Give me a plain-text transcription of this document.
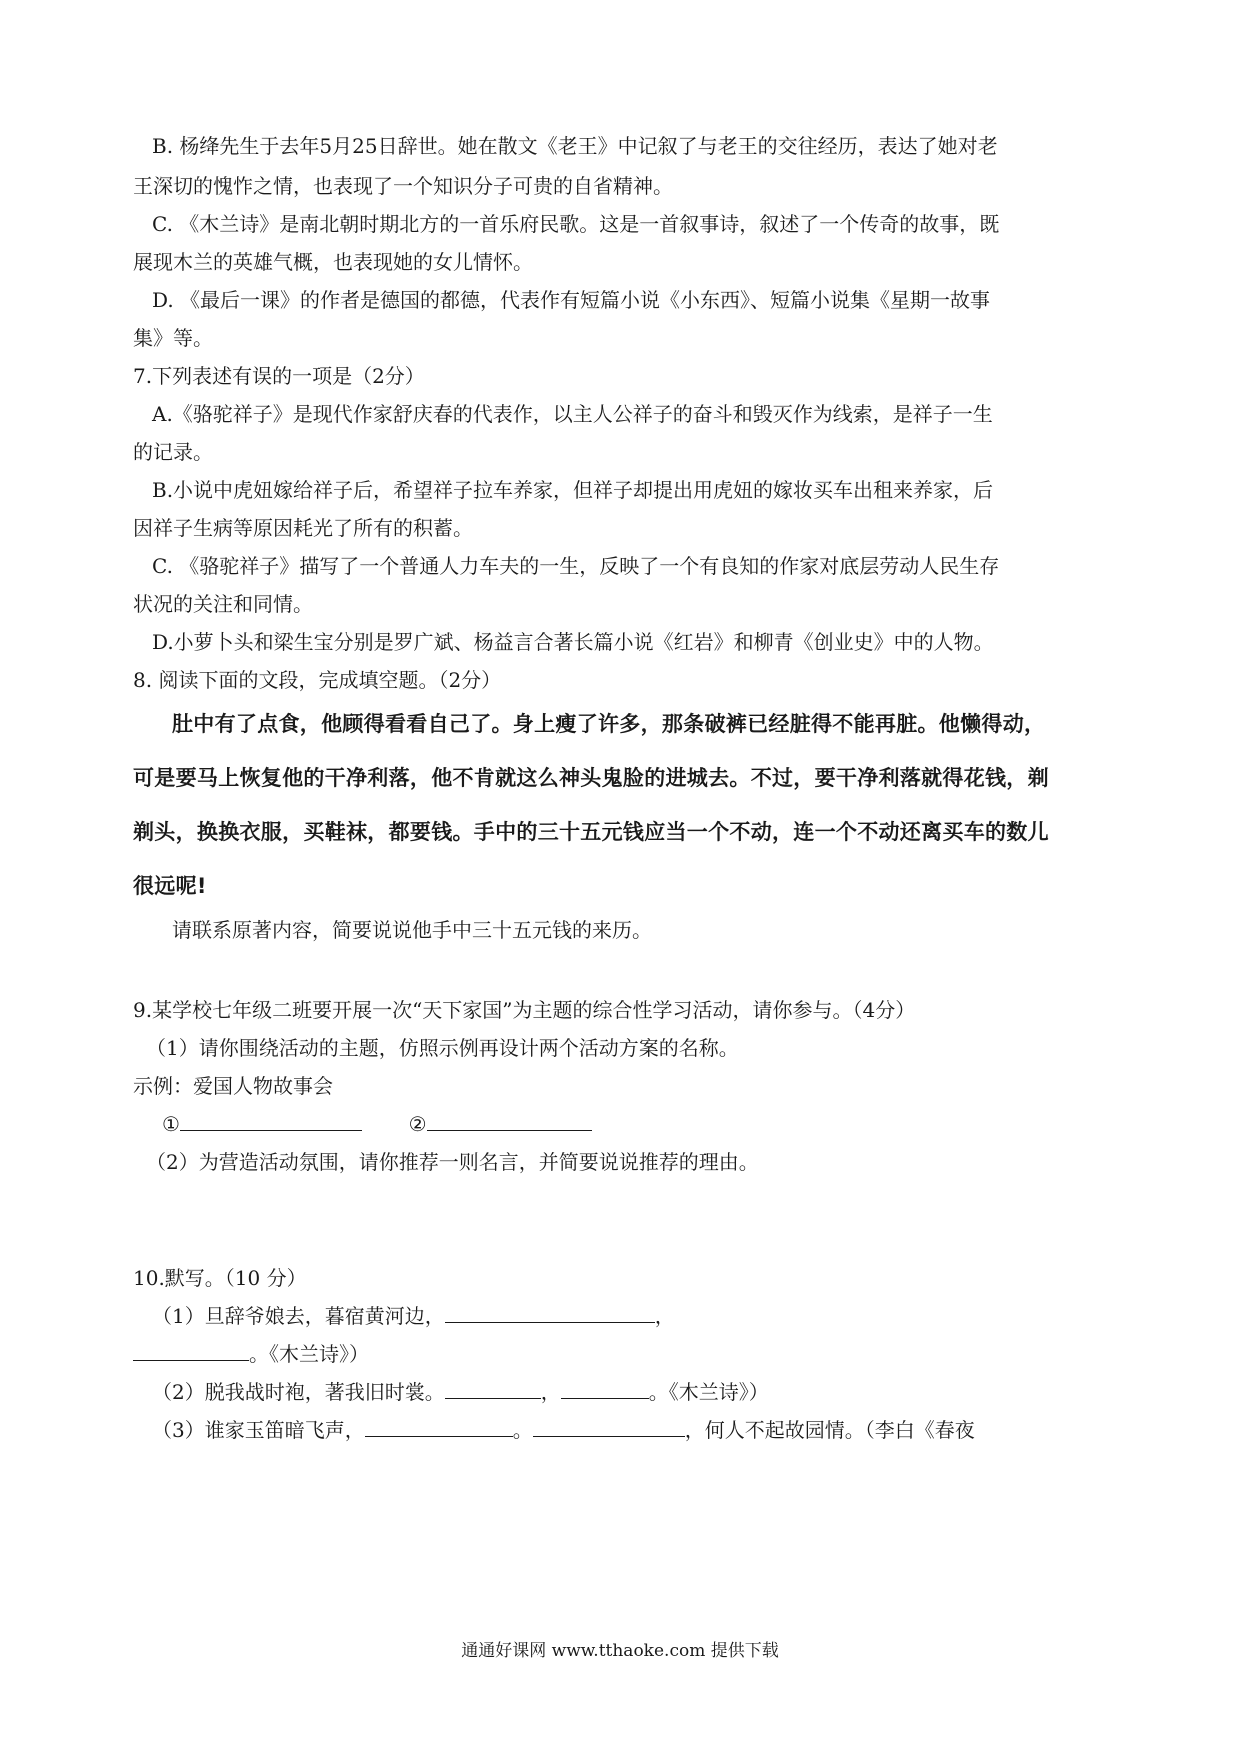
B. 杨绛先生于去年5月25日辞世。她在散文《老王》中记叙了与老王的交往经历，表达了她对老
王深切的愧怍之情，也表现了一个知识分子可贵的自省精神。
C. 《木兰诗》是南北朝时期北方的一首乐府民歌。这是一首叙事诗，叙述了一个传奇的故事，既
展现木兰的英雄气概，也表现她的女儿情怀。
D. 《最后一课》的作者是德国的都德，代表作有短篇小说《小东西》、短篇小说集《星期一故事
集》等。
7.下列表述有误的一项是（2分）
A.《骆驼祥子》是现代作家舒庆春的代表作，以主人公祥子的奋斗和毁灭作为线索，是祥子一生
的记录。
B.小说中虎妞嫁给祥子后，希望祥子拉车养家，但祥子却提出用虎妞的嫁妆买车出租来养家，后
因祥子生病等原因耗光了所有的积蓄。
C. 《骆驼祥子》描写了一个普通人力车夫的一生，反映了一个有良知的作家对底层劳动人民生存
状况的关注和同情。
D.小萝卜头和梁生宝分别是罗广斌、杨益言合著长篇小说《红岩》和柳青《创业史》中的人物。
8. 阅读下面的文段，完成填空题。（2分）
肚中有了点食，他顾得看看自己了。身上瘦了许多，那条破裤已经脏得不能再脏。他懒得动，
可是要马上恢复他的干净利落，他不肯就这么神头鬼脸的进城去。不过，要干净利落就得花钱，剃
剃头，换换衣服，买鞋袜，都要钱。手中的三十五元钱应当一个不动，连一个不动还离买车的数儿
很远呢!
请联系原著内容，简要说说他手中三十五元钱的来历。
9.某学校七年级二班要开展一次“天下家国”为主题的综合性学习活动，请你参与。（4分）
（1）请你围绕活动的主题，仿照示例再设计两个活动方案的名称。
示例：爱国人物故事会
①	②
（2）为营造活动氛围，请你推荐一则名言，并简要说说推荐的理由。
10.默写。（10 分）
（1）旦辞爷娘去，暮宿黄河边，	，
。《木兰诗》）
（2）脱我战时袍，著我旧时裳。	，	。《木兰诗》）
（3）谁家玉笛暗飞声，	。	，何人不起故园情。（李白《春夜
通通好课网 www.tthaoke.com 提供下载
